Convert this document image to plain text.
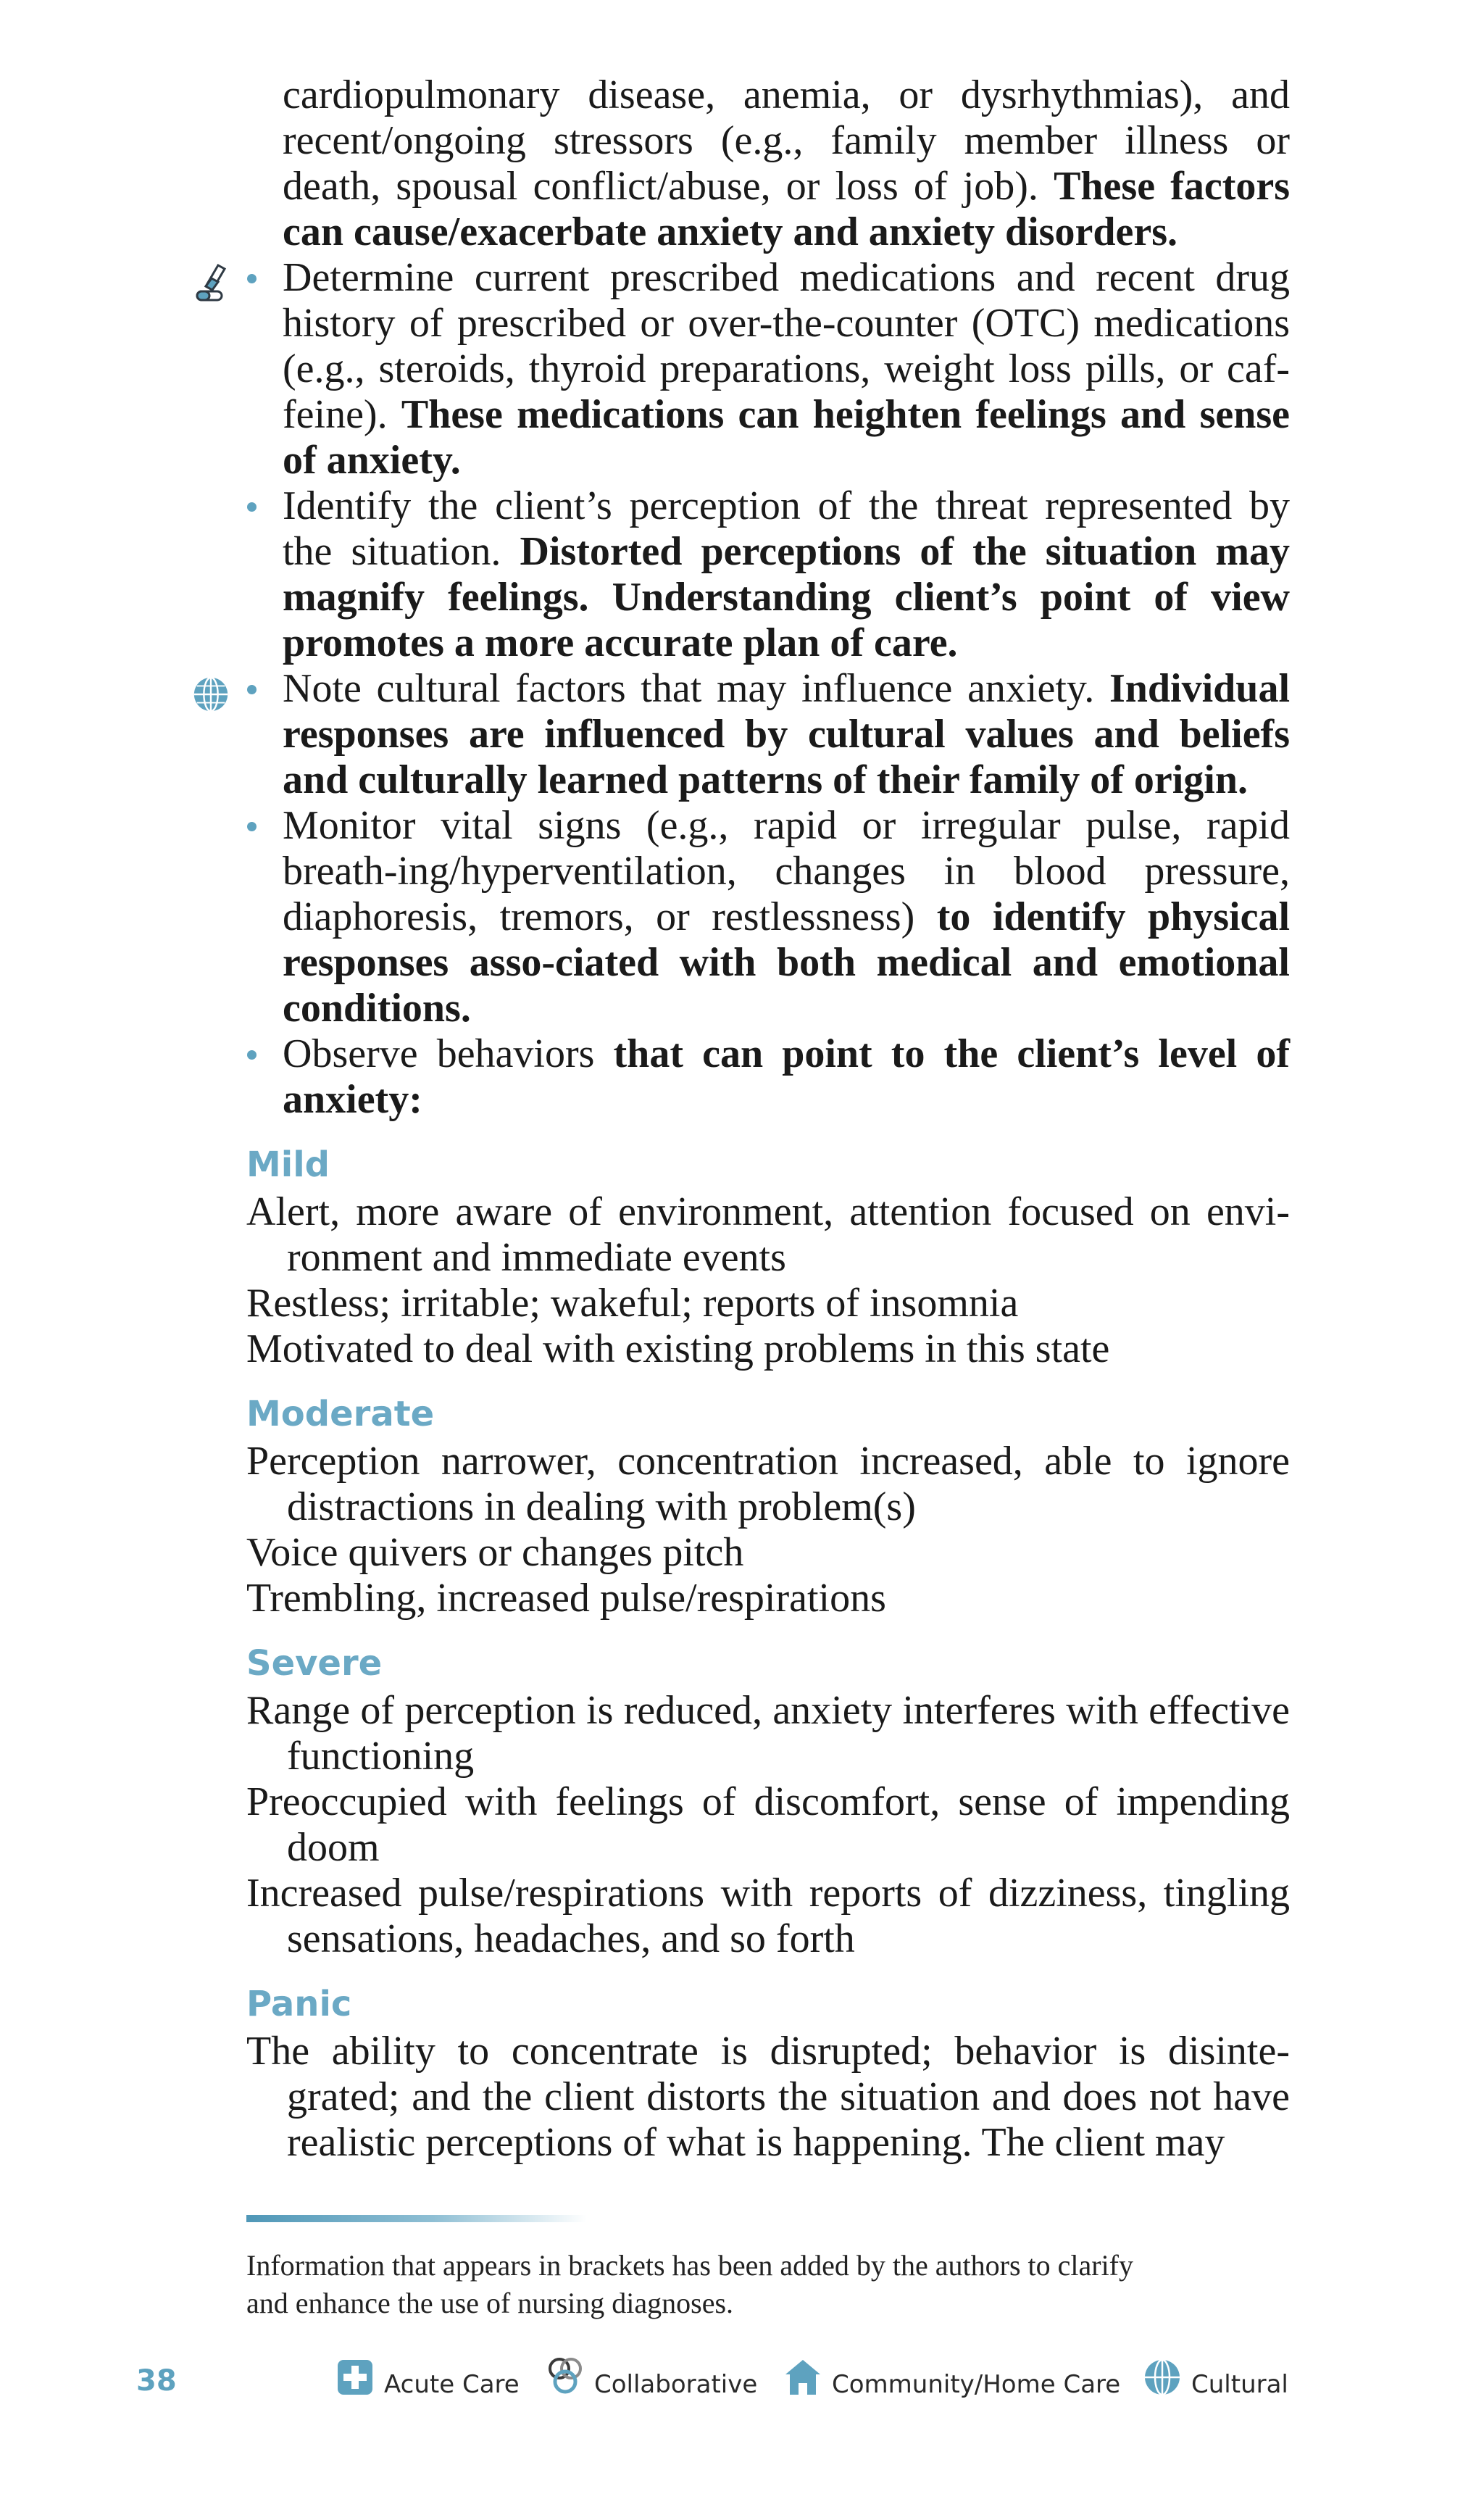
cardiopulmonary disease, anemia, or dysrhythmias), and recent/ongoing stressors (e.g., family member illness or death, spousal conflict/abuse, or loss of job). These factors can cause/exacerbate anxiety and anxiety disorders.
Determine current prescribed medications and recent drug history of prescribed or over-the-counter (OTC) medications (e.g., steroids, thyroid preparations, weight loss pills, or caf-feine). These medications can heighten feelings and sense of anxiety.
Identify the client’s perception of the threat represented by the situation. Distorted perceptions of the situation may magnify feelings. Understanding client’s point of view promotes a more accurate plan of care.
Note cultural factors that may influence anxiety. Individual responses are influenced by cultural values and beliefs and culturally learned patterns of their family of origin.
Monitor vital signs (e.g., rapid or irregular pulse, rapid breath-ing/hyperventilation, changes in blood pressure, diaphoresis, tremors, or restlessness) to identify physical responses asso-ciated with both medical and emotional conditions.
Observe behaviors that can point to the client’s level of anxiety:
Mild
Alert, more aware of environment, attention focused on envi-ronment and immediate events
Restless; irritable; wakeful; reports of insomnia
Motivated to deal with existing problems in this state
Moderate
Perception narrower, concentration increased, able to ignore distractions in dealing with problem(s)
Voice quivers or changes pitch
Trembling, increased pulse/respirations
Severe
Range of perception is reduced, anxiety interferes with effective functioning
Preoccupied with feelings of discomfort, sense of impending doom
Increased pulse/respirations with reports of dizziness, tingling sensations, headaches, and so forth
Panic
The ability to concentrate is disrupted; behavior is disinte-grated; and the client distorts the situation and does not have realistic perceptions of what is happening. The client may
Information that appears in brackets has been added by the authors to clarify
and enhance the use of nursing diagnoses.
38	Acute Care	Collaborative	Community/Home Care	Cultural
